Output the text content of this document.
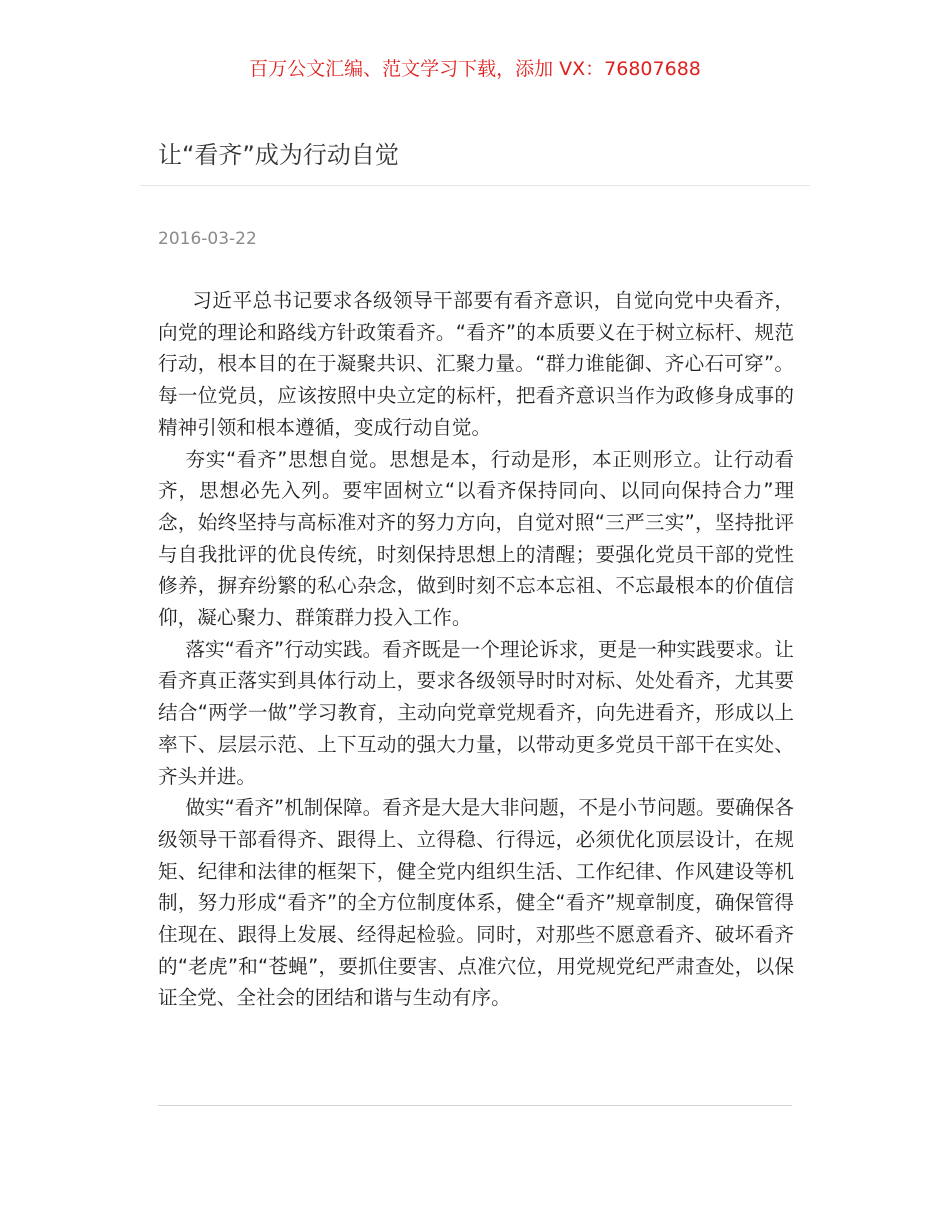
百万公文汇编、范文学习下载，添加 VX：76807688
让“看齐”成为行动自觉
2016-03-22

习近平总书记要求各级领导干部要有看齐意识，自觉向党中央看齐，向党的理论和路线方针政策看齐。“看齐”的本质要义在于树立标杆、规范行动，根本目的在于凝聚共识、汇聚力量。“群力谁能御、齐心石可穿”。每一位党员，应该按照中央立定的标杆，把看齐意识当作为政修身成事的精神引领和根本遵循，变成行动自觉。

夯实“看齐”思想自觉。思想是本，行动是形，本正则形立。让行动看齐，思想必先入列。要牢固树立“以看齐保持同向、以同向保持合力”理念，始终坚持与高标准对齐的努力方向，自觉对照“三严三实”，坚持批评与自我批评的优良传统，时刻保持思想上的清醒；要强化党员干部的党性修养，摒弃纷繁的私心杂念，做到时刻不忘本忘祖、不忘最根本的价值信仰，凝心聚力、群策群力投入工作。

落实“看齐”行动实践。看齐既是一个理论诉求，更是一种实践要求。让看齐真正落实到具体行动上，要求各级领导时时对标、处处看齐，尤其要结合“两学一做”学习教育，主动向党章党规看齐，向先进看齐，形成以上率下、层层示范、上下互动的强大力量，以带动更多党员干部干在实处、齐头并进。

做实“看齐”机制保障。看齐是大是大非问题，不是小节问题。要确保各级领导干部看得齐、跟得上、立得稳、行得远，必须优化顶层设计，在规矩、纪律和法律的框架下，健全党内组织生活、工作纪律、作风建设等机制，努力形成“看齐”的全方位制度体系，健全“看齐”规章制度，确保管得住现在、跟得上发展、经得起检验。同时，对那些不愿意看齐、破坏看齐的“老虎”和“苍蝇”，要抓住要害、点准穴位，用党规党纪严肃查处，以保证全党、全社会的团结和谐与生动有序。
